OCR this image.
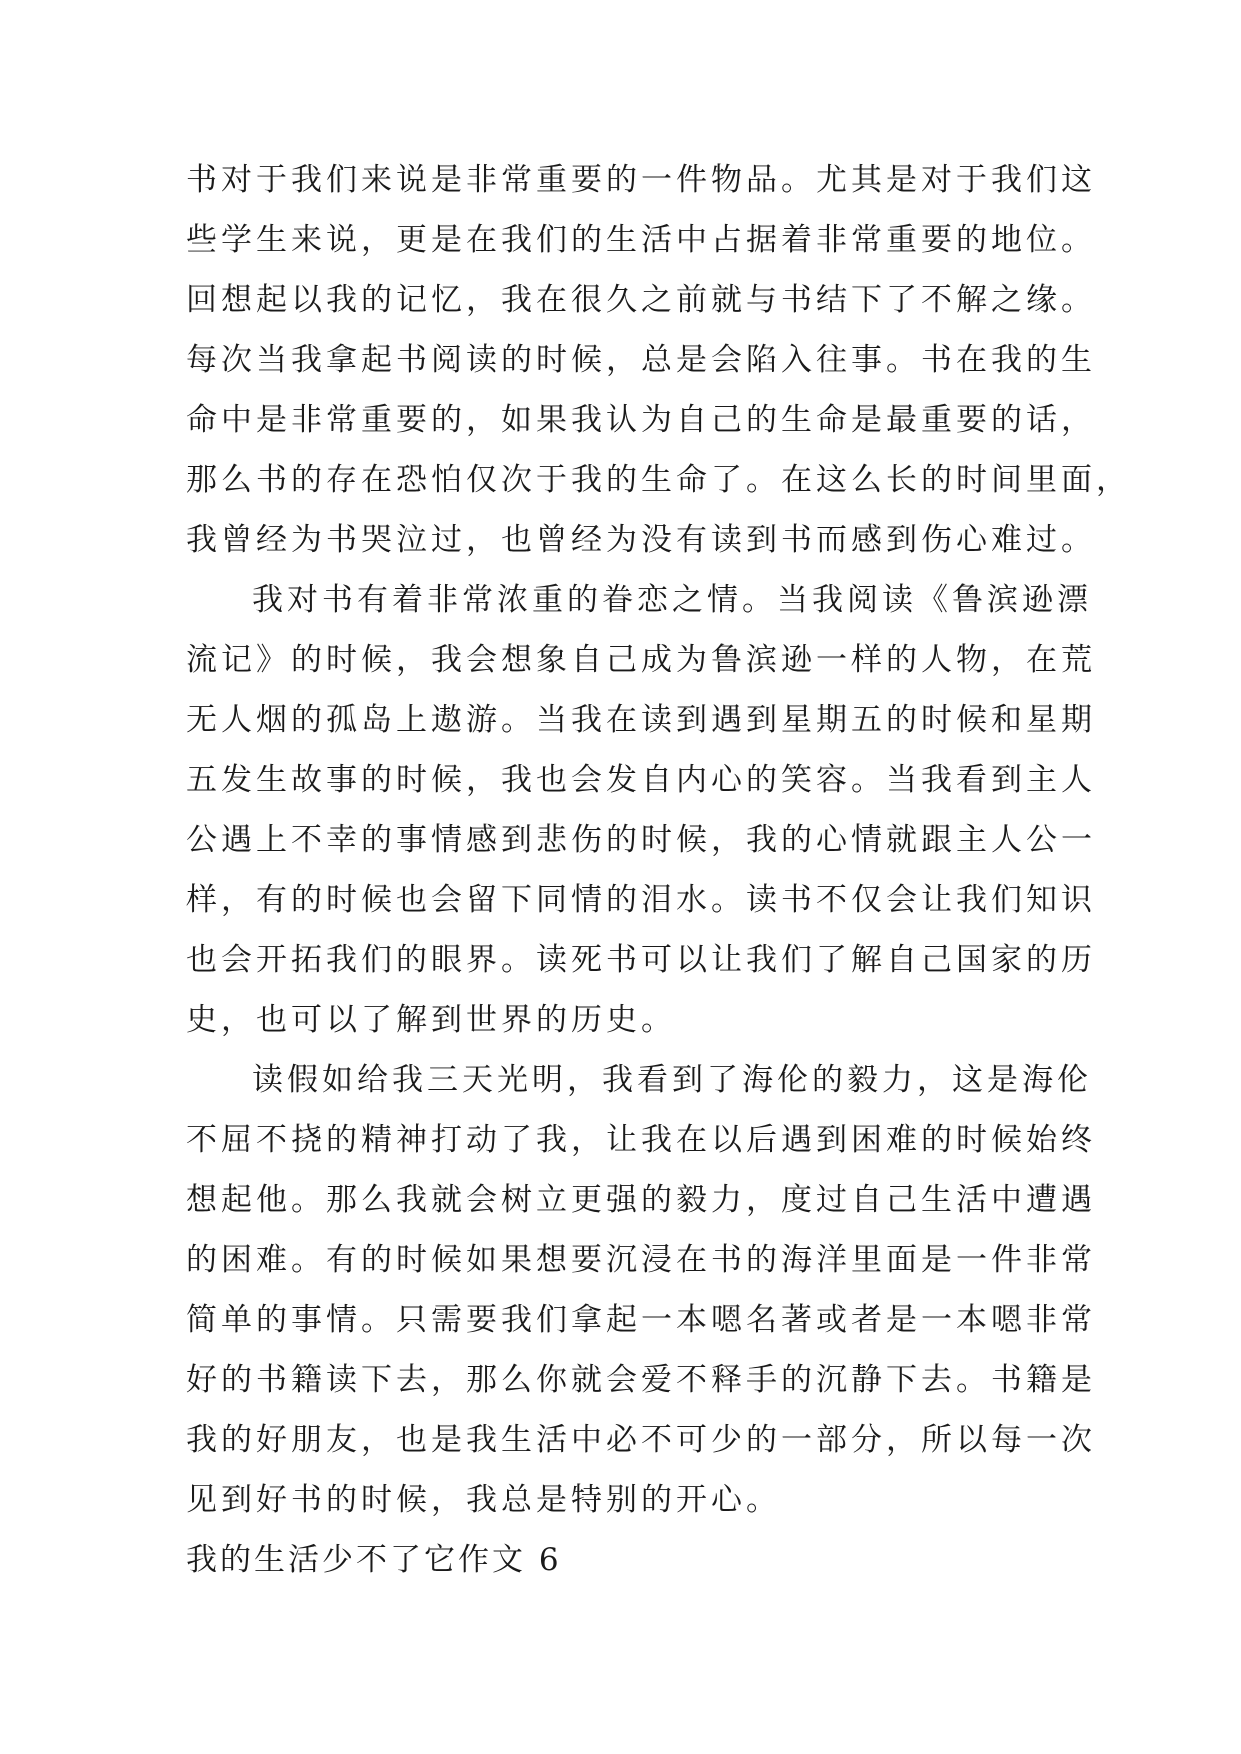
书对于我们来说是非常重要的一件物品。尤其是对于我们这
些学生来说，更是在我们的生活中占据着非常重要的地位。
回想起以我的记忆，我在很久之前就与书结下了不解之缘。
每次当我拿起书阅读的时候，总是会陷入往事。书在我的生
命中是非常重要的，如果我认为自己的生命是最重要的话，
那么书的存在恐怕仅次于我的生命了。在这么长的时间里面，
我曾经为书哭泣过，也曾经为没有读到书而感到伤心难过。
我对书有着非常浓重的眷恋之情。当我阅读《鲁滨逊漂
流记》的时候，我会想象自己成为鲁滨逊一样的人物，在荒
无人烟的孤岛上遨游。当我在读到遇到星期五的时候和星期
五发生故事的时候，我也会发自内心的笑容。当我看到主人
公遇上不幸的事情感到悲伤的时候，我的心情就跟主人公一
样，有的时候也会留下同情的泪水。读书不仅会让我们知识
也会开拓我们的眼界。读死书可以让我们了解自己国家的历
史，也可以了解到世界的历史。
读假如给我三天光明，我看到了海伦的毅力，这是海伦
不屈不挠的精神打动了我，让我在以后遇到困难的时候始终
想起他。那么我就会树立更强的毅力，度过自己生活中遭遇
的困难。有的时候如果想要沉浸在书的海洋里面是一件非常
简单的事情。只需要我们拿起一本嗯名著或者是一本嗯非常
好的书籍读下去，那么你就会爱不释手的沉静下去。书籍是
我的好朋友，也是我生活中必不可少的一部分，所以每一次
见到好书的时候，我总是特别的开心。
我的生活少不了它作文 6
